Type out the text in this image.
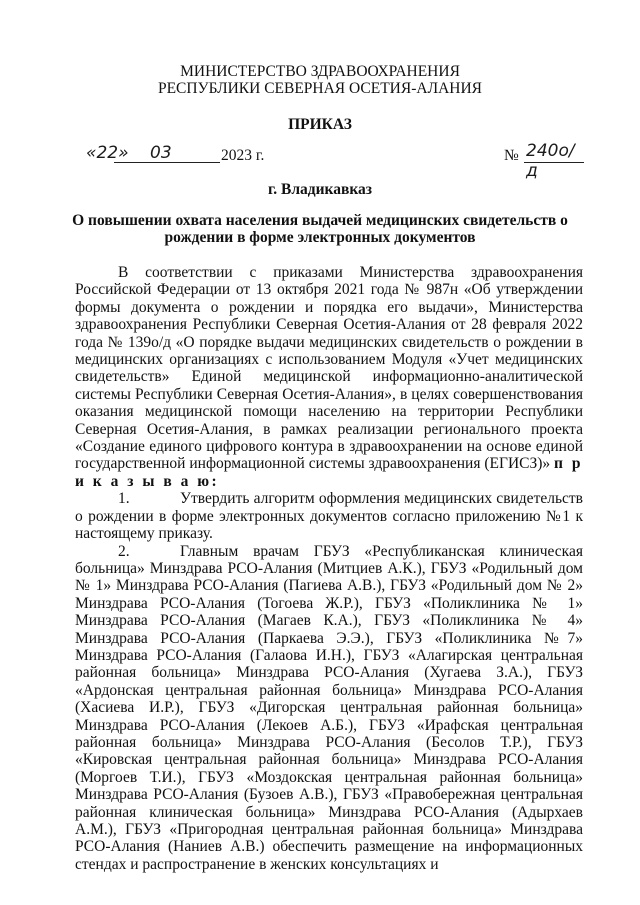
МИНИСТЕРСТВО ЗДРАВООХРАНЕНИЯ
РЕСПУБЛИКИ СЕВЕРНАЯ ОСЕТИЯ-АЛАНИЯ
ПРИКАЗ
«22» 03	2023 г.	№ 240о/д
г. Владикавказ
О повышении охвата населения выдачей медицинских свидетельств о
рождении в форме электронных документов

В соответствии с приказами Министерства здравоохранения Российской Федерации от 13 октября 2021 года № 987н «Об утверждении формы документа о рождении и порядка его выдачи», Министерства здравоохранения Республики Северная Осетия-Алания от 28 февраля 2022 года № 139о/д «О порядке выдачи медицинских свидетельств о рождении в медицинских организациях с использованием Модуля «Учет медицинских свидетельств» Единой медицинской информационно-аналитической системы Республики Северная Осетия-Алания», в целях совершенствования оказания медицинской помощи населению на территории Республики Северная Осетия-Алания, в рамках реализации регионального проекта «Создание единого цифрового контура в здравоохранении на основе единой государственной информационной системы здравоохранения (ЕГИСЗ)» п р и к а з ы в а ю:

1.	Утвердить алгоритм оформления медицинских свидетельств о рождении в форме электронных документов согласно приложению №1 к настоящему приказу.

2.	Главным врачам ГБУЗ «Республиканская клиническая больница» Минздрава РСО-Алания (Митциев А.К.), ГБУЗ «Родильный дом № 1» Минздрава РСО-Алания (Пагиева А.В.), ГБУЗ «Родильный дом № 2» Минздрава РСО-Алания (Тогоева Ж.Р.), ГБУЗ «Поликлиника № 1» Минздрава РСО-Алания (Магаев К.А.), ГБУЗ «Поликлиника № 4» Минздрава РСО-Алания (Паркаева Э.Э.), ГБУЗ «Поликлиника №7» Минздрава РСО-Алания (Галаова И.Н.), ГБУЗ «Алагирская центральная районная больница» Минздрава РСО-Алания (Хугаева З.А.), ГБУЗ «Ардонская центральная районная больница» Минздрава РСО-Алания (Хасиева И.Р.), ГБУЗ «Дигорская центральная районная больница» Минздрава РСО-Алания (Лекоев А.Б.), ГБУЗ «Ирафская центральная районная больница» Минздрава РСО-Алания (Бесолов Т.Р.), ГБУЗ «Кировская центральная районная больница» Минздрава РСО-Алания (Моргоев Т.И.), ГБУЗ «Моздокская центральная районная больница» Минздрава РСО-Алания (Бузоев А.В.), ГБУЗ «Правобережная центральная районная клиническая больница» Минздрава РСО-Алания (Адырхаев А.М.), ГБУЗ «Пригородная центральная районная больница» Минздрава РСО-Алания (Наниев А.В.) обеспечить размещение на информационных стендах и распространение в женских консультациях и
